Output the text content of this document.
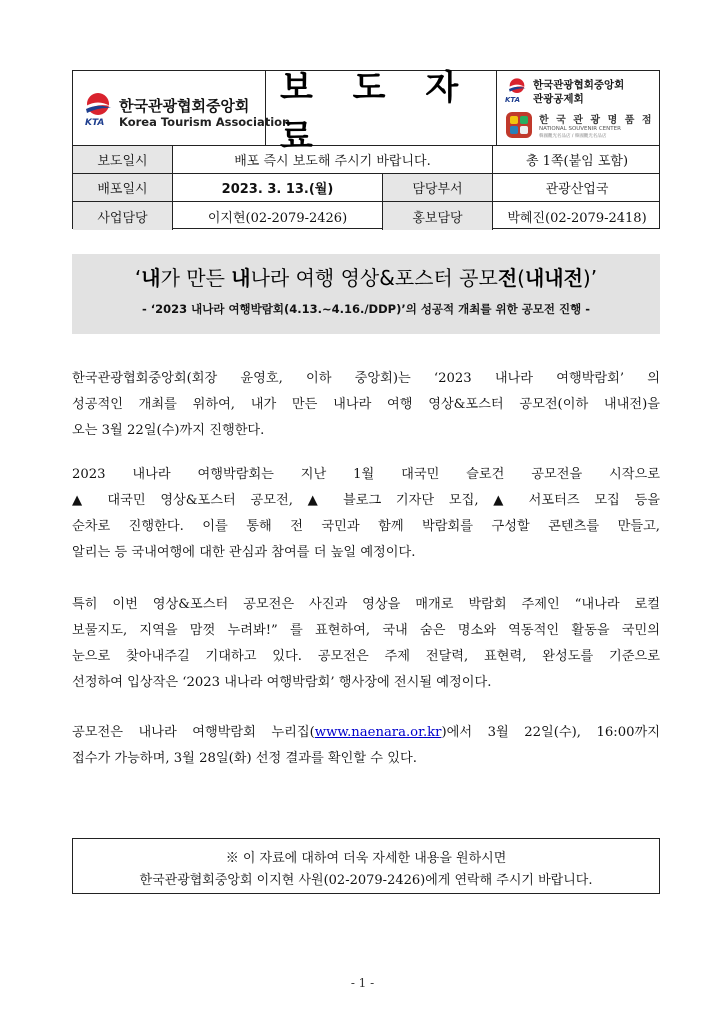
KTA
한국관광협회중앙회
Korea Tourism Association
보 도 자 료
KTA
한국관광협회중앙회
관광공제회
한 국 관 광 명 품 점
NATIONAL SOUVENIR CENTER
韓國觀光名品店 / 韓國觀光名品店
보도일시	배포 즉시 보도해 주시기 바랍니다.	총 1쪽(붙임 포함)
배포일시	2023. 3. 13.(월)	담당부서	관광산업국
사업담당	이지현(02-2079-2426)	홍보담당	박혜진(02-2079-2418)
‘내가 만든 내나라 여행 영상&포스터 공모전(내내전)’
- ‘2023 내나라 여행박람회(4.13.~4.16./DDP)’의 성공적 개최를 위한 공모전 진행 -
한국관광협회중앙회(회장 윤영호, 이하 중앙회)는 ‘2023 내나라 여행박람회’ 의
성공적인 개최를 위하여, 내가 만든 내나라 여행 영상&포스터 공모전(이하 내내전)을
오는 3월 22일(수)까지 진행한다.
2023 내나라 여행박람회는 지난 1월 대국민 슬로건 공모전을 시작으로
▲ 대국민 영상&포스터 공모전, ▲ 블로그 기자단 모집, ▲ 서포터즈 모집 등을
순차로 진행한다. 이를 통해 전 국민과 함께 박람회를 구성할 콘텐츠를 만들고,
알리는 등 국내여행에 대한 관심과 참여를 더 높일 예정이다.
특히 이번 영상&포스터 공모전은 사진과 영상을 매개로 박람회 주제인 “내나라 로컬
보물지도, 지역을 맘껏 누려봐!” 를 표현하여, 국내 숨은 명소와 역동적인 활동을 국민의
눈으로 찾아내주길 기대하고 있다. 공모전은 주제 전달력, 표현력, 완성도를 기준으로
선정하여 입상작은 ‘2023 내나라 여행박람회’ 행사장에 전시될 예정이다.
공모전은 내나라 여행박람회 누리집(www.naenara.or.kr)에서 3월 22일(수), 16:00까지
접수가 가능하며, 3월 28일(화) 선정 결과를 확인할 수 있다.
※ 이 자료에 대하여 더욱 자세한 내용을 원하시면
한국관광협회중앙회 이지현 사원(02-2079-2426)에게 연락해 주시기 바랍니다.
- 1 -
